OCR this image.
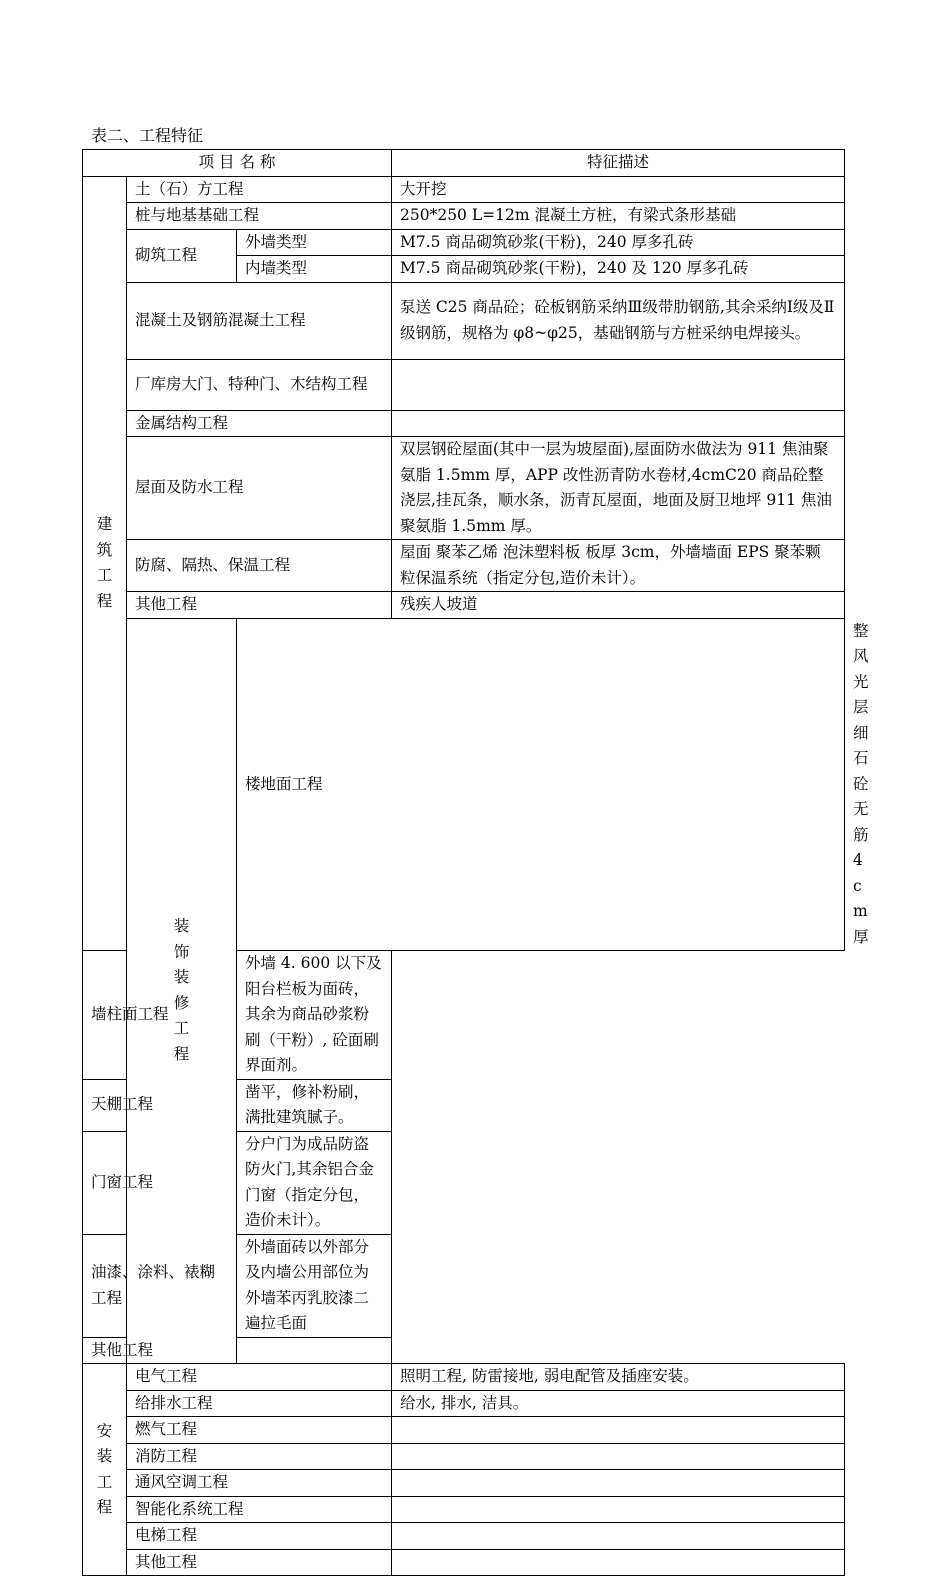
表二、工程特征
项 目 名 称			特征描述	

建筑工程	土（石）方工程		大开挖	
	桩与地基基础工程		250*250 L=12m 混凝土方桩，有梁式条形基础	
	砌筑工程	外墙类型	M7.5 商品砌筑砂浆(干粉)，240 厚多孔砖	
		内墙类型	M7.5 商品砌筑砂浆(干粉)，240 及 120 厚多孔砖	
	混凝土及钢筋混凝土工程		泵送 C25 商品砼；砼板钢筋采纳Ⅲ级带肋钢筋,其余采纳Ⅰ级及Ⅱ级钢筋，规格为 φ8~φ25，基础钢筋与方桩采纳电焊接头。	
	厂库房大门、特种门、木结构工程			
	金属结构工程			
	屋面及防水工程		双层钢砼屋面(其中一层为坡屋面),屋面防水做法为 911 焦油聚氨脂 1.5mm 厚，APP 改性沥青防水卷材,4cmC20 商品砼整浇层,挂瓦条，顺水条，沥青瓦屋面，地面及厨卫地坪 911 焦油聚氨脂 1.5mm 厚。	
	防腐、隔热、保温工程		屋面 聚苯乙烯 泡沫塑料板 板厚 3cm，外墙墙面 EPS 聚苯颗粒保温系统（指定分包,造价未计）。	
	其他工程		残疾人坡道	

	装饰装修工程	楼地面工程		整风光层细石砼 无筋 4cm 厚
墙柱面工程		外墙 4. 600 以下及阳台栏板为面砖，其余为商品砂浆粉刷（干粉）, 砼面刷界面剂。		
天棚工程		凿平，修补粉刷，满批建筑腻子。		
门窗工程		分户门为成品防盗防火门,其余铝合金门窗（指定分包，造价未计）。		
油漆、涂料、裱糊工程		外墙面砖以外部分及内墙公用部位为外墙苯丙乳胶漆二遍拉毛面		
其他工程				

安装工程	电气工程		照明工程, 防雷接地, 弱电配管及插座安装。	
	给排水工程		给水, 排水, 洁具。	
	燃气工程			
	消防工程			
	通风空调工程			
	智能化系统工程			
	电梯工程			
	其他工程			
